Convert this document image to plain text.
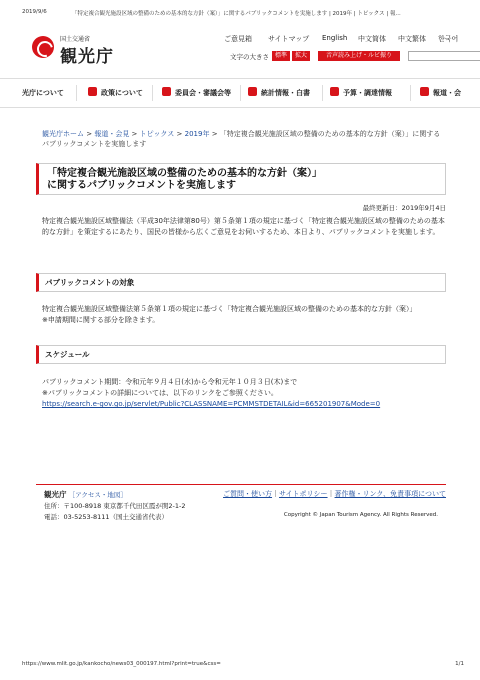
2019/9/6	「特定複合観光施設区域の整備のための基本的な方針（案）」に関するパブリックコメントを実施します | 2019年 | トピックス | 報...
国土交通省
観光庁
ご意見箱 サイトマップ English 中文简体 中文繁体 한국어
文字の大きさ 標準	拡大	音声読み上げ・ルビ振り
光庁について	政策について	委員会・審議会等	統計情報・白書	予算・調達情報	報道・会
観光庁ホーム > 報道・会見 > トピックス > 2019年 > 「特定複合観光施設区域の整備のための基本的な方針（案）」に関する パブリックコメントを実施します
「特定複合観光施設区域の整備のための基本的な方針（案）」
に関するパブリックコメントを実施します
最終更新日：2019年9月4日
特定複合観光施設区域整備法（平成30年法律第80号）第５条第１項の規定に基づく「特定複合観光施設区域の整備のための基本的な方針」を策定するにあたり、国民の皆様から広くご意見をお伺いするため、本日より、パブリックコメントを実施します。
パブリックコメントの対象
特定複合観光施設区域整備法第５条第１項の規定に基づく「特定複合観光施設区域の整備のための基本的な方針（案）」
※申請期間に関する部分を除きます。
スケジュール
パブリックコメント期間：令和元年９月４日(水)から令和元年１０月３日(木)まで
※パブリックコメントの詳細については、以下のリンクをご参照ください。
https://search.e-gov.go.jp/servlet/Public?CLASSNAME=PCMMSTDETAIL&id=665201907&Mode=0
観光庁 ［アクセス・地図］
住所：〒100-8918 東京都千代田区霞が関2-1-2
電話：03-5253-8111（国土交通省代表）
ご質問・使い方｜サイトポリシー｜著作権・リンク、免責事項について
Copyright © Japan Tourism Agency. All Rights Reserved.
https://www.mlit.go.jp/kankocho/news03_000197.html?print=true&css=	1/1
